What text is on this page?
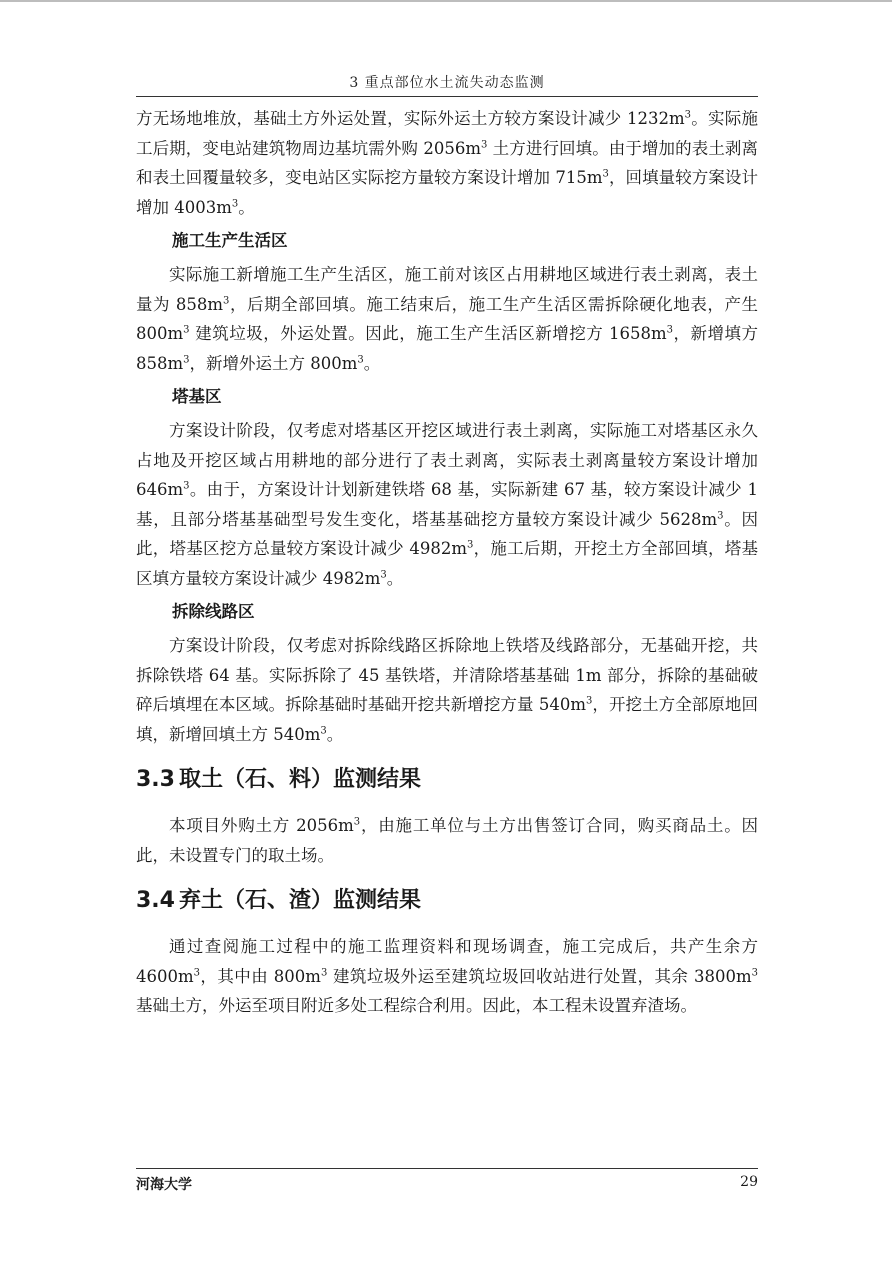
3 重点部位水土流失动态监测

方无场地堆放，基础土方外运处置，实际外运土方较方案设计减少 $1232m^3$。实际施工后期，变电站建筑物周边基坑需外购 $2056m^3$ 土方进行回填。由于增加的表土剥离和表土回覆量较多，变电站区实际挖方量较方案设计增加 $715m^3$，回填量较方案设计增加 $4003m^3$。

施工生产生活区

实际施工新增施工生产生活区，施工前对该区占用耕地区域进行表土剥离，表土量为 $858m^3$，后期全部回填。施工结束后，施工生产生活区需拆除硬化地表，产生 $800m^3$ 建筑垃圾，外运处置。因此，施工生产生活区新增挖方 $1658m^3$，新增填方 $858m^3$，新增外运土方 $800m^3$。

塔基区

方案设计阶段，仅考虑对塔基区开挖区域进行表土剥离，实际施工对塔基区永久占地及开挖区域占用耕地的部分进行了表土剥离，实际表土剥离量较方案设计增加 $646m^3$。由于，方案设计计划新建铁塔 68 基，实际新建 67 基，较方案设计减少 1 基，且部分塔基基础型号发生变化，塔基基础挖方量较方案设计减少 $5628m^3$。因此，塔基区挖方总量较方案设计减少 $4982m^3$，施工后期，开挖土方全部回填，塔基区填方量较方案设计减少 $4982m^3$。

拆除线路区

方案设计阶段，仅考虑对拆除线路区拆除地上铁塔及线路部分，无基础开挖，共拆除铁塔 64 基。实际拆除了 45 基铁塔，并清除塔基基础 1m 部分，拆除的基础破碎后填埋在本区域。拆除基础时基础开挖共新增挖方量 $540m^3$，开挖土方全部原地回填，新增回填土方 $540m^3$。

3.3 取土（石、料）监测结果

本项目外购土方 $2056m^3$，由施工单位与土方出售签订合同，购买商品土。因此，未设置专门的取土场。

3.4 弃土（石、渣）监测结果

通过查阅施工过程中的施工监理资料和现场调查，施工完成后，共产生余方 $4600m^3$，其中由 $800m^3$ 建筑垃圾外运至建筑垃圾回收站进行处置，其余 $3800m^3$ 基础土方，外运至项目附近多处工程综合利用。因此，本工程未设置弃渣场。

河海大学	29
